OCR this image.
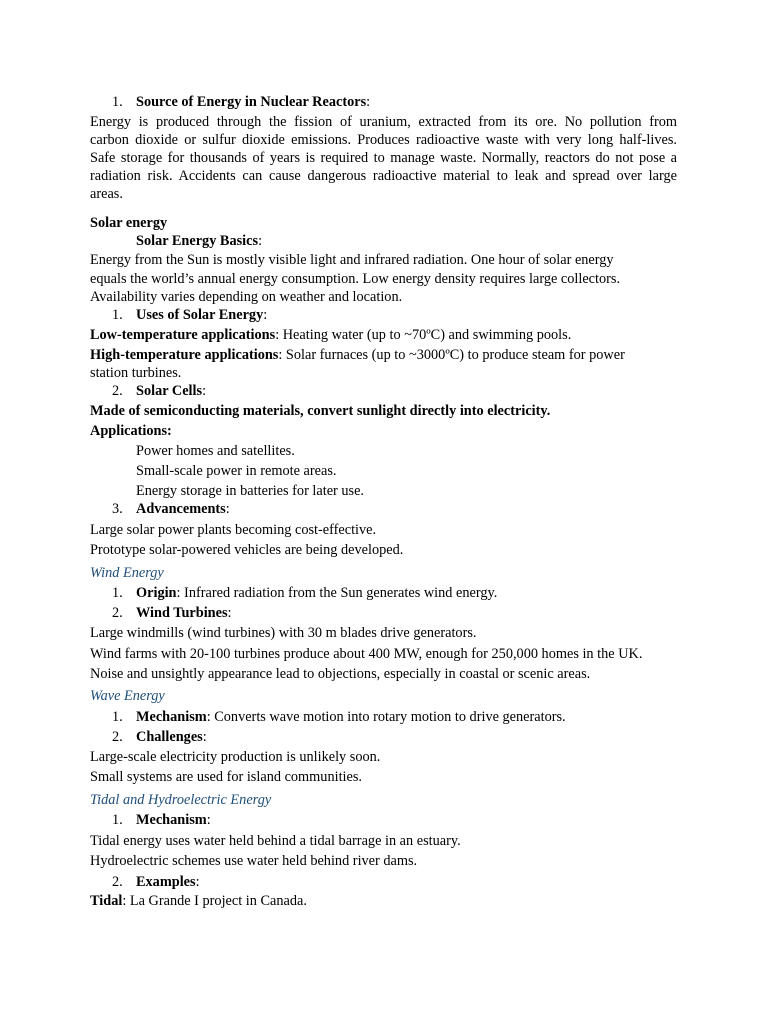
1. Source of Energy in Nuclear Reactors:
Energy is produced through the fission of uranium, extracted from its ore. No pollution from
carbon dioxide or sulfur dioxide emissions. Produces radioactive waste with very long half-lives.
Safe storage for thousands of years is required to manage waste. Normally, reactors do not pose a
radiation risk. Accidents can cause dangerous radioactive material to leak and spread over large
areas.
Solar energy
Solar Energy Basics:
Energy from the Sun is mostly visible light and infrared radiation. One hour of solar energy
equals the world’s annual energy consumption. Low energy density requires large collectors.
Availability varies depending on weather and location.
1. Uses of Solar Energy:
Low-temperature applications: Heating water (up to ~70ºC) and swimming pools.
High-temperature applications: Solar furnaces (up to ~3000ºC) to produce steam for power
station turbines.
2. Solar Cells:
Made of semiconducting materials, convert sunlight directly into electricity.
Applications:
Power homes and satellites.
Small-scale power in remote areas.
Energy storage in batteries for later use.
3. Advancements:
Large solar power plants becoming cost-effective.
Prototype solar-powered vehicles are being developed.
Wind Energy
1. Origin: Infrared radiation from the Sun generates wind energy.
2. Wind Turbines:
Large windmills (wind turbines) with 30 m blades drive generators.
Wind farms with 20-100 turbines produce about 400 MW, enough for 250,000 homes in the UK.
Noise and unsightly appearance lead to objections, especially in coastal or scenic areas.
Wave Energy
1. Mechanism: Converts wave motion into rotary motion to drive generators.
2. Challenges:
Large-scale electricity production is unlikely soon.
Small systems are used for island communities.
Tidal and Hydroelectric Energy
1. Mechanism:
Tidal energy uses water held behind a tidal barrage in an estuary.
Hydroelectric schemes use water held behind river dams.
2. Examples:
Tidal: La Grande I project in Canada.
